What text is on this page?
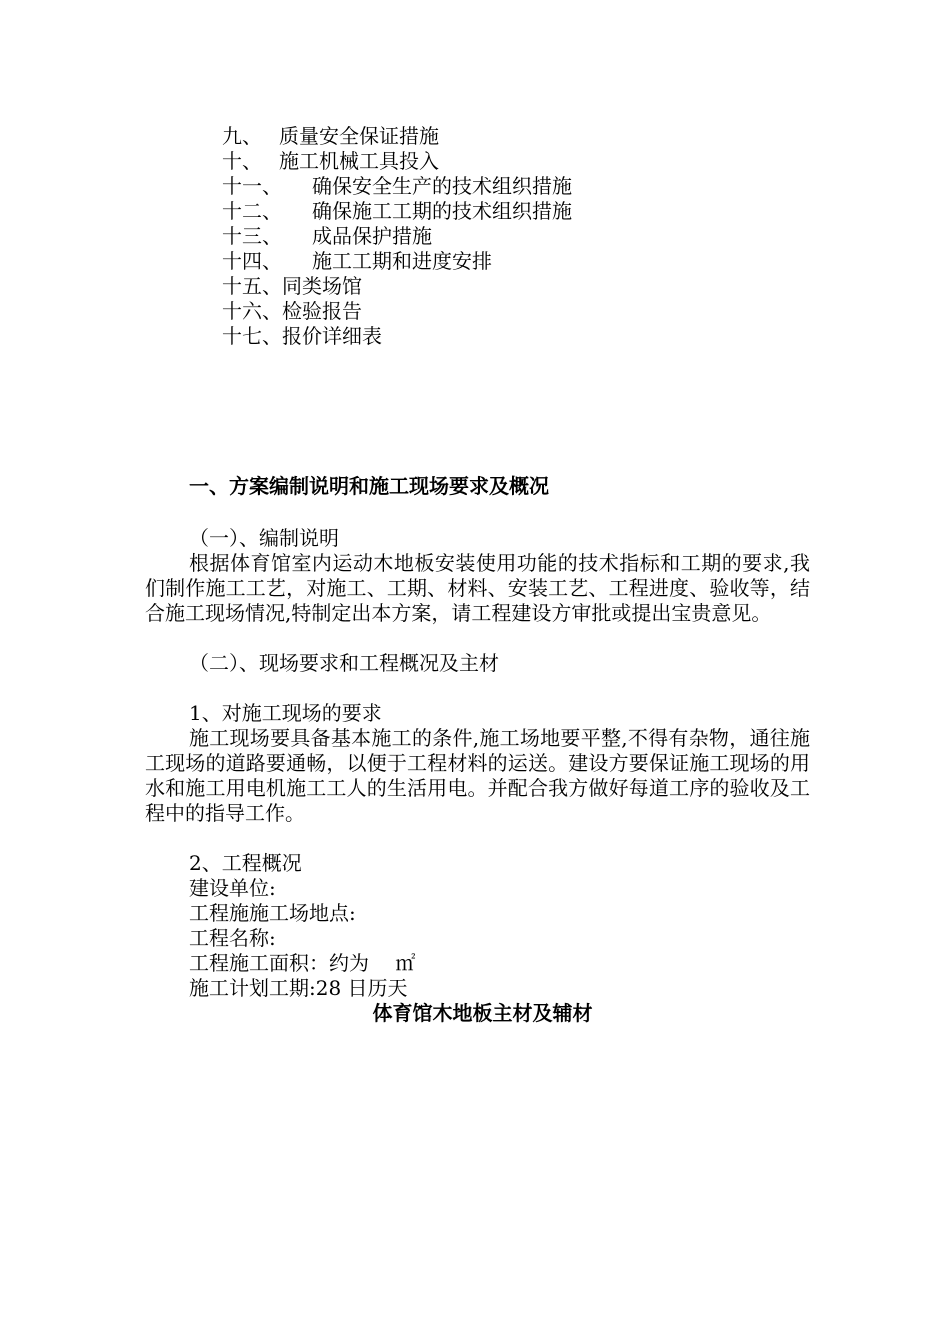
九、 质量安全保证措施
十、 施工机械工具投入
十一、 确保安全生产的技术组织措施
十二、 确保施工工期的技术组织措施
十三、 成品保护措施
十四、 施工工期和进度安排
十五、同类场馆
十六、检验报告
十七、报价详细表

一、方案编制说明和施工现场要求及概况

（一）、编制说明

根据体育馆室内运动木地板安装使用功能的技术指标和工期的要求,我们制作施工工艺，对施工、工期、材料、安装工艺、工程进度、验收等，结合施工现场情况,特制定出本方案，请工程建设方审批或提出宝贵意见。

（二）、现场要求和工程概况及主材

1、对施工现场的要求

施工现场要具备基本施工的条件,施工场地要平整,不得有杂物，通往施工现场的道路要通畅，以便于工程材料的运送。建设方要保证施工现场的用水和施工用电机施工工人的生活用电。并配合我方做好每道工序的验收及工程中的指导工作。

2、工程概况

建设单位:

工程施施工场地点:

工程名称:

工程施工面积：约为　 ㎡

施工计划工期:28 日历天

体育馆木地板主材及辅材
